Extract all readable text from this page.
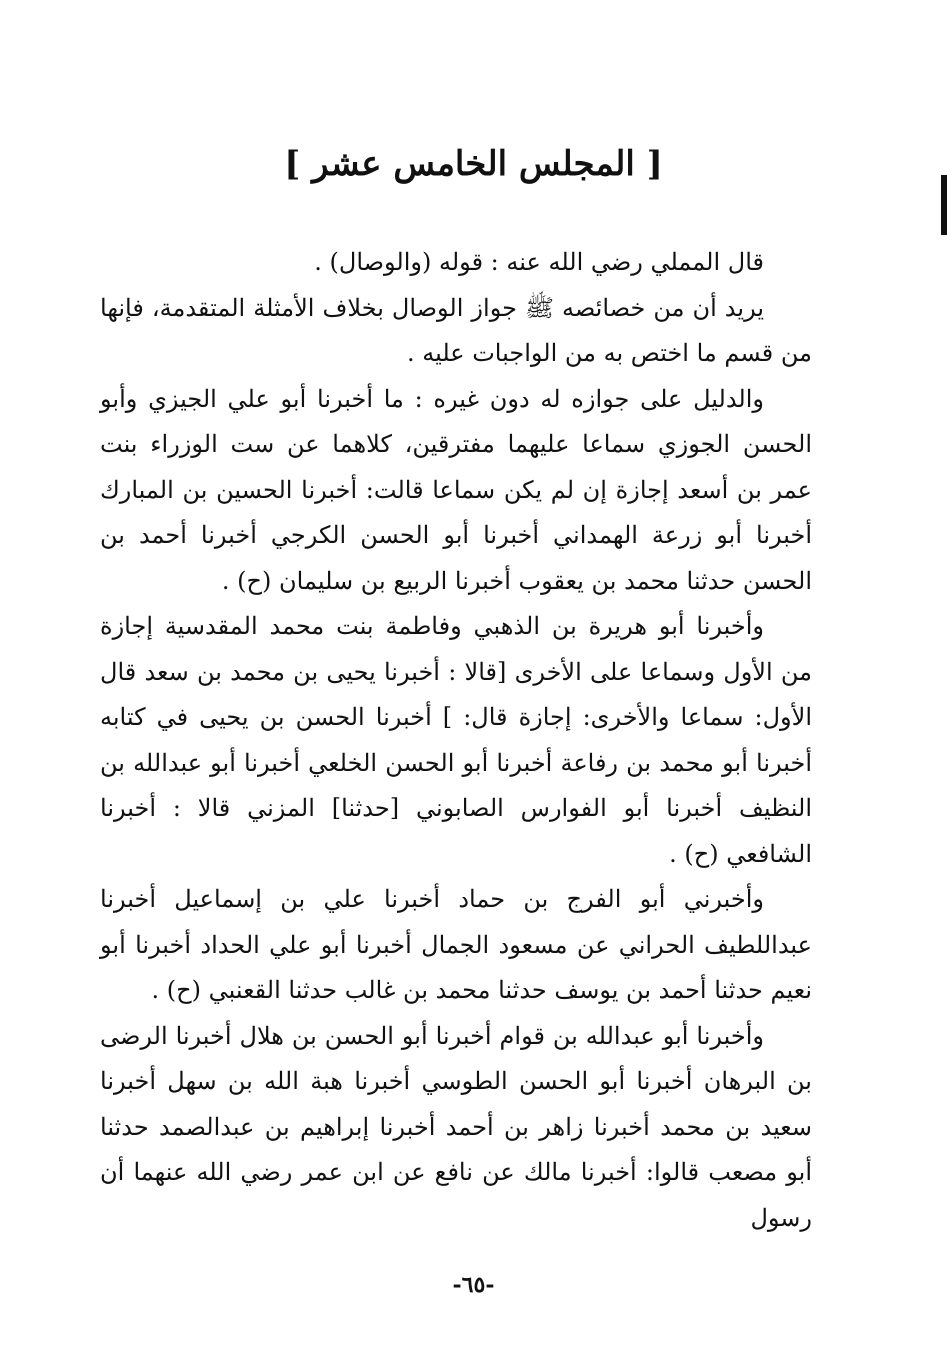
[ المجلس الخامس عشر ]

قال المملي رضي الله عنه : قوله (والوصال) .

يريد أن من خصائصه ﷺ جواز الوصال بخلاف الأمثلة المتقدمة، فإنها من قسم ما اختص به من الواجبات عليه .

والدليل على جوازه له دون غيره : ما أخبرنا أبو علي الجيزي وأبو الحسن الجوزي سماعا عليهما مفترقين، كلاهما عن ست الوزراء بنت عمر بن أسعد إجازة إن لم يكن سماعا قالت: أخبرنا الحسين بن المبارك أخبرنا أبو زرعة الهمداني أخبرنا أبو الحسن الكرجي أخبرنا أحمد بن الحسن حدثنا محمد بن يعقوب أخبرنا الربيع بن سليمان (ح) .

وأخبرنا أبو هريرة بن الذهبي وفاطمة بنت محمد المقدسية إجازة من الأول وسماعا على الأخرى [قالا : أخبرنا يحيى بن محمد بن سعد قال الأول: سماعا والأخرى: إجازة قال: ] أخبرنا الحسن بن يحيى في كتابه أخبرنا أبو محمد بن رفاعة أخبرنا أبو الحسن الخلعي أخبرنا أبو عبدالله بن النظيف أخبرنا أبو الفوارس الصابوني [حدثنا] المزني قالا : أخبرنا الشافعي (ح) .

وأخبرني أبو الفرج بن حماد أخبرنا علي بن إسماعيل أخبرنا عبداللطيف الحراني عن مسعود الجمال أخبرنا أبو علي الحداد أخبرنا أبو نعيم حدثنا أحمد بن يوسف حدثنا محمد بن غالب حدثنا القعنبي (ح) .

وأخبرنا أبو عبدالله بن قوام أخبرنا أبو الحسن بن هلال أخبرنا الرضى بن البرهان أخبرنا أبو الحسن الطوسي أخبرنا هبة الله بن سهل أخبرنا سعيد بن محمد أخبرنا زاهر بن أحمد أخبرنا إبراهيم بن عبدالصمد حدثنا أبو مصعب قالوا: أخبرنا مالك عن نافع عن ابن عمر رضي الله عنهما أن رسول

-٦٥-
